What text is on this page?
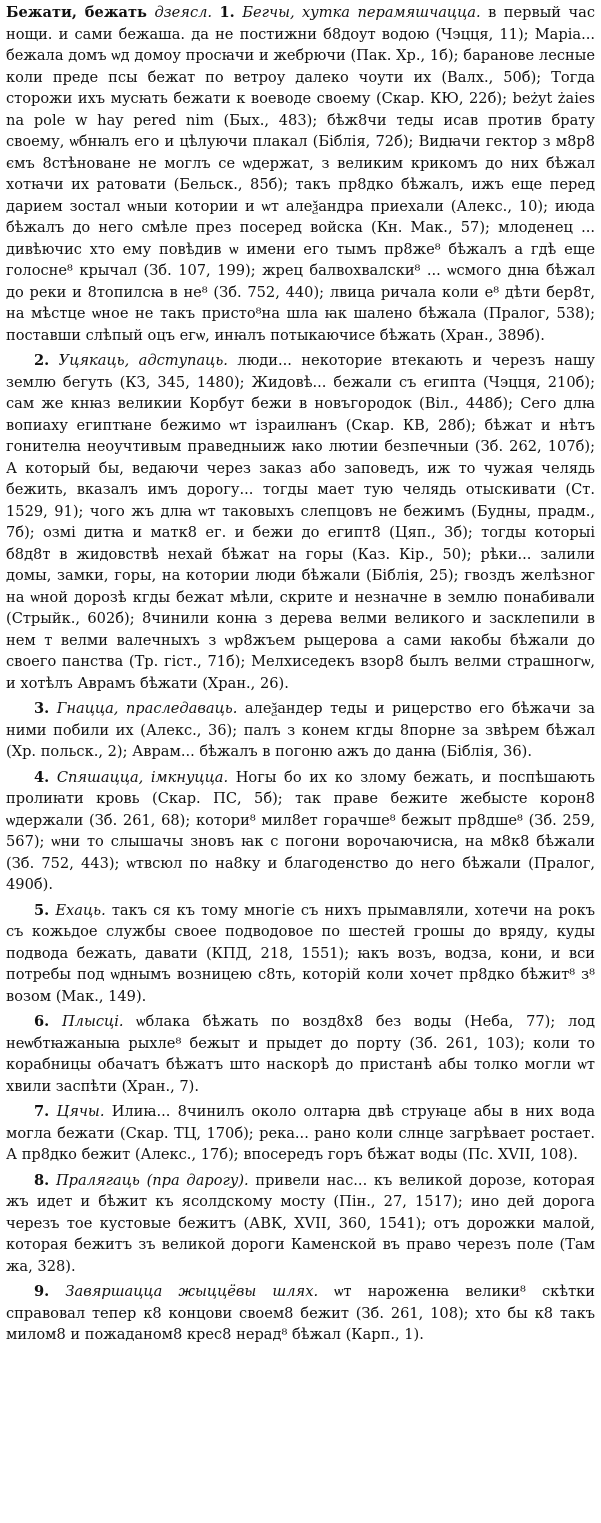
Бежати, бежать дзеясл. 1. Бегчы, хутка перамяшчацца. в первый час нощи. и сами бежаша. да не постижни б8доут водою (Чэцця, 11); Маріа... бежала домъ ѡд домоу просꙗчи и жебрючи (Пак. Хр., 1б); баранове лесные коли преде псы бежат по ветроу далеко чоути их (Валх., 50б); Тогда сторожи ихъ мусꙗть бежати к воеводе своему (Скар. КЮ, 22б); bеżyt żaies na pole w hay pered nim (Бых., 483); бѣж8чи теды исав против брату своему, ѡбнꙗлъ его и цѣлуючи плакал (Біблія, 72б); Видꙗчи гектор з м8р8 ємъ 8стѣноване не моглъ се ѡдержат, з великим крикомъ до них бѣжал хотꙗчи их ратовати (Бельск., 85б); такъ пр8дко бѣжалъ, ижъ еще перед дарием зостал ѡныи котории и ѡт алеѯандра приехали (Алекс., 10); июда бѣжалъ до него смѣле през посеред войска (Кн. Мак., 57); млоденец ... дивѣючис хто ему повѣдив ѡ имени его тымъ пр8же⁸ бѣжалъ а гдѣ еще голосне⁸ крычал (Зб. 107, 199); жрец балвохвалски⁸ ... ѡсмого днꙗ бѣжал до реки и 8топилсꙗ в не⁸ (Зб. 752, 440); лвица ричала коли е⁸ дѣти бер8т, на мѣстце ѡное не такъ присто⁸на шла ꙗк шалено бѣжала (Пралог, 538); поставши слѣпый оцъ егѡ, инꙗлъ потыкаючисе бѣжать (Хран., 389б).

2. Уцякаць, адступаць. люди... некоторие втекають и черезъ нашу землю бегуть (КЗ, 345, 1480); Жидовѣ... бежали съ египта (Чэцця, 210б); сам же кнꙗз великии Корбут бежи в новъгородок (Віл., 448б); Сего длꙗ вопиаху египтꙗне бежимо ѡт ізраилꙗнъ (Скар. КВ, 28б); бѣжат и нѣтъ гонителꙗ неоучтивым праведныиж ꙗко лютии безпечныи (Зб. 262, 107б); А который бы, ведаючи через заказ або заповедъ, иж то чужая челядь бежить, вказалъ имъ дорогу... тогды мает тую челядь отыскивати (Ст. 1529, 91); чого жъ длꙗ ѡт таковыхъ слепцовъ не бежимъ (Будны, прадм., 7б); озмі дитꙗ и матк8 ег. и бежи до египт8 (Цяп., 3б); тогды которыі б8д8т в жидовствѣ нехай бѣжат на горы (Каз. Кір., 50); рѣки... залили домы, замки, горы, на котории люди бѣжали (Біблія, 25); гвоздъ желѣзног на ѡной дорозѣ кгды бежат мѣли, скрите и незначне в землю понабивали (Стрыйк., 602б); 8чинили конꙗ з дерева велми великого и засклепили в нем т велми валечныхъ з ѡр8жъем рыцерова а сами ꙗкобы бѣжали до своего панства (Тр. гіст., 71б); Мелхиседекъ взор8 былъ велми страшногѡ, и хотѣлъ Аврамъ бѣжати (Хран., 26).

3. Гнацца, праследаваць. алеѯандер теды и рицерство его бѣжачи за ними побили их (Алекс., 36); палъ з конем кгды 8порне за звѣрем бѣжал (Хр. польск., 2); Аврам... бѣжалъ в погоню ажъ до данꙗ (Біблія, 36).

4. Спяшацца, імкнуцца. Ногы бо их ко злому бежать, и поспѣшають пролиꙗти кровь (Скар. ПС, 5б); так праве бежите жебысте корон8 ѡдержали (Зб. 261, 68); котори⁸ мил8ет горачше⁸ бежыт пр8дше⁸ (Зб. 259, 567); ѡни то слышачы зновъ ꙗк с погони ворочаючисꙗ, на м8к8 бѣжали (Зб. 752, 443); ѡтвсюл по на8ку и благоденство до него бѣжали (Пралог, 490б).

5. Ехаць. такъ ся къ тому многіе съ нихъ прымавляли, хотечи на рокъ съ кожьдое службы своее подводовое по шестей грошы до вряду, куды подвода бежать, давати (КПД, 218, 1551); ꙗкъ возъ, водза, кони, и вси потребы под ѡднымъ возницею с8ть, которій коли хочет пр8дко бѣжит⁸ з⁸ возом (Мак., 149).

6. Плысці. ѡблака бѣжать по возд8х8 без воды (Неба, 77); лод неѡбтꙗжаныꙗ рыхле⁸ бежыт и прыдет до порту (Зб. 261, 103); коли то корабницы обачатъ бѣжатъ што наскорѣ до пристанѣ абы толко могли ѡт хвили заспѣти (Хран., 7).

7. Цячы. Илиꙗ... 8чинилъ около олтарꙗ двѣ струꙗце абы в них вода могла бежати (Скар. ТЦ, 170б); река... рано коли слнце загрѣвает ростает. А пр8дко бежит (Алекс., 17б); впосередъ горъ бѣжат воды (Пс. XVII, 108).

8. Пралягаць (пра дарогу). привели нас... къ великой дорозе, которая жъ идет и бѣжит къ ясолдскому мосту (Пін., 27, 1517); ино дей дорога черезъ тое кустовые бежитъ (АВК, XVII, 360, 1541); отъ дорожки малой, которая бежитъ зъ великой дороги Каменской въ право черезъ поле (Там жа, 328).

9. Завяршацца жыццёвы шлях. ѡт нароженꙗ велики⁸ скѣтки справовал тепер к8 концови своем8 бежит (Зб. 261, 108); хто бы к8 такъ милом8 и пожаданом8 крес8 нерад⁸ бѣжал (Карп., 1).
